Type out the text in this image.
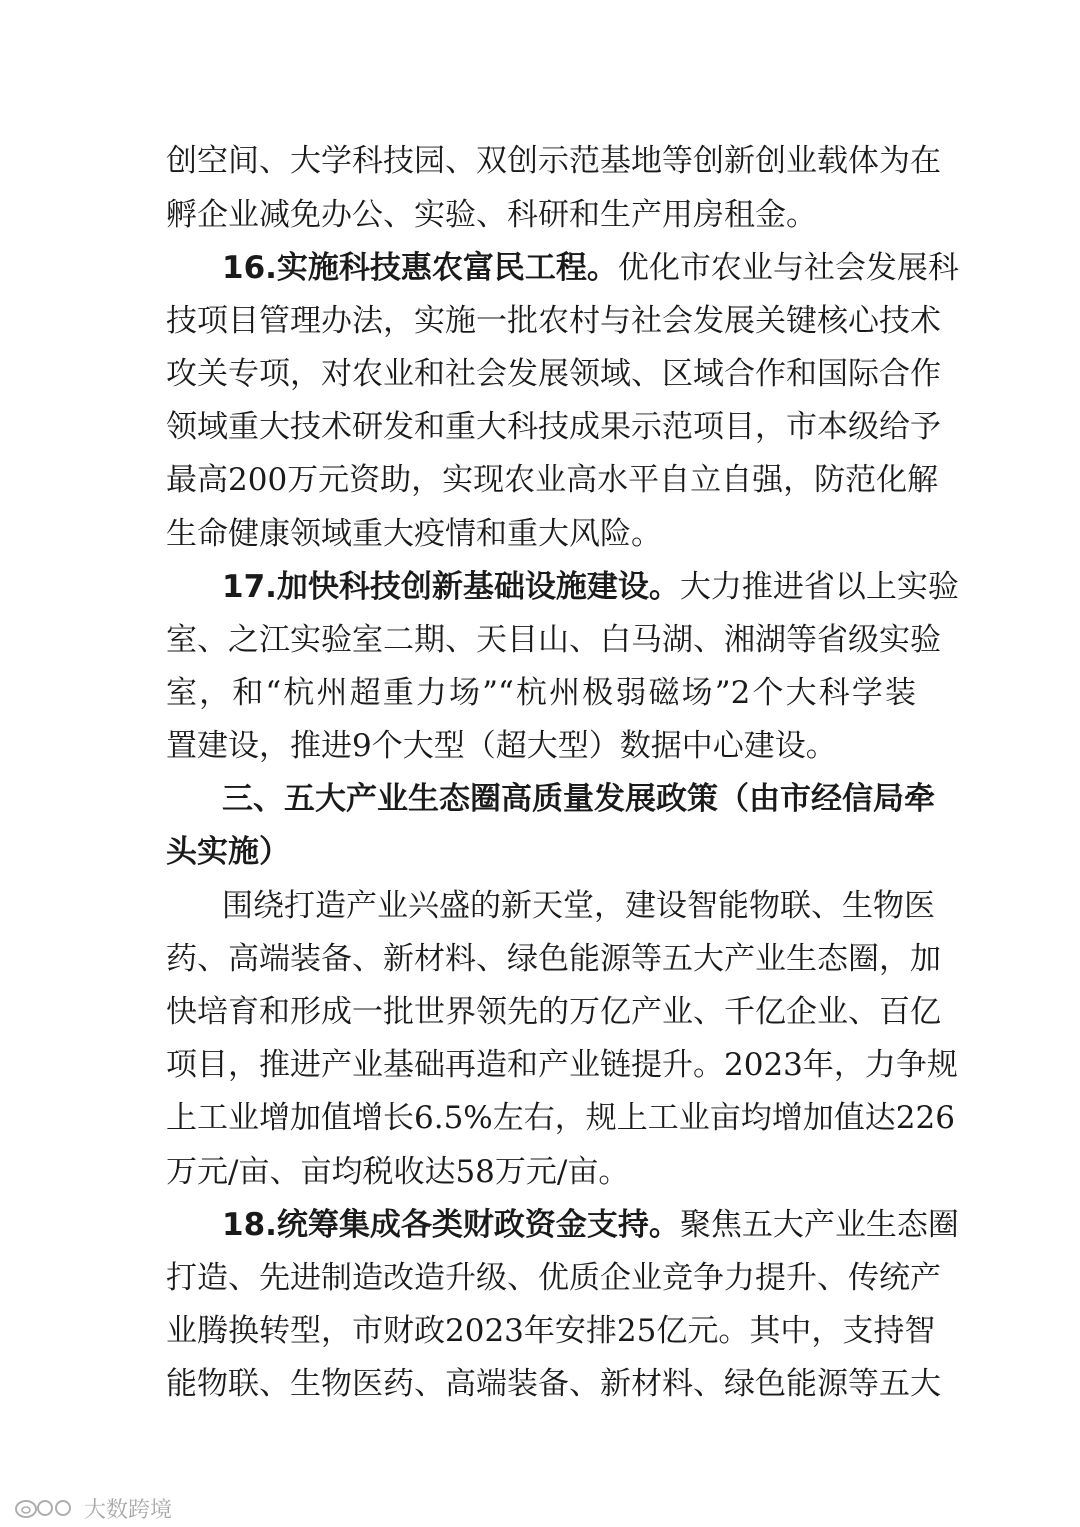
创空间、大学科技园、双创示范基地等创新创业载体为在
孵企业减免办公、实验、科研和生产用房租金。
16.实施科技惠农富民工程。优化市农业与社会发展科
技项目管理办法，实施一批农村与社会发展关键核心技术
攻关专项，对农业和社会发展领域、区域合作和国际合作
领域重大技术研发和重大科技成果示范项目，市本级给予
最高200万元资助，实现农业高水平自立自强，防范化解
生命健康领域重大疫情和重大风险。
17.加快科技创新基础设施建设。大力推进省以上实验
室、之江实验室二期、天目山、白马湖、湘湖等省级实验
室，和“杭州超重力场”“杭州极弱磁场”2个大科学装
置建设，推进9个大型（超大型）数据中心建设。
三、五大产业生态圈高质量发展政策（由市经信局牵
头实施）
围绕打造产业兴盛的新天堂，建设智能物联、生物医
药、高端装备、新材料、绿色能源等五大产业生态圈，加
快培育和形成一批世界领先的万亿产业、千亿企业、百亿
项目，推进产业基础再造和产业链提升。2023年，力争规
上工业增加值增长6.5%左右，规上工业亩均增加值达226
万元/亩、亩均税收达58万元/亩。
18.统筹集成各类财政资金支持。聚焦五大产业生态圈
打造、先进制造改造升级、优质企业竞争力提升、传统产
业腾换转型，市财政2023年安排25亿元。其中，支持智
能物联、生物医药、高端装备、新材料、绿色能源等五大
大数跨境
